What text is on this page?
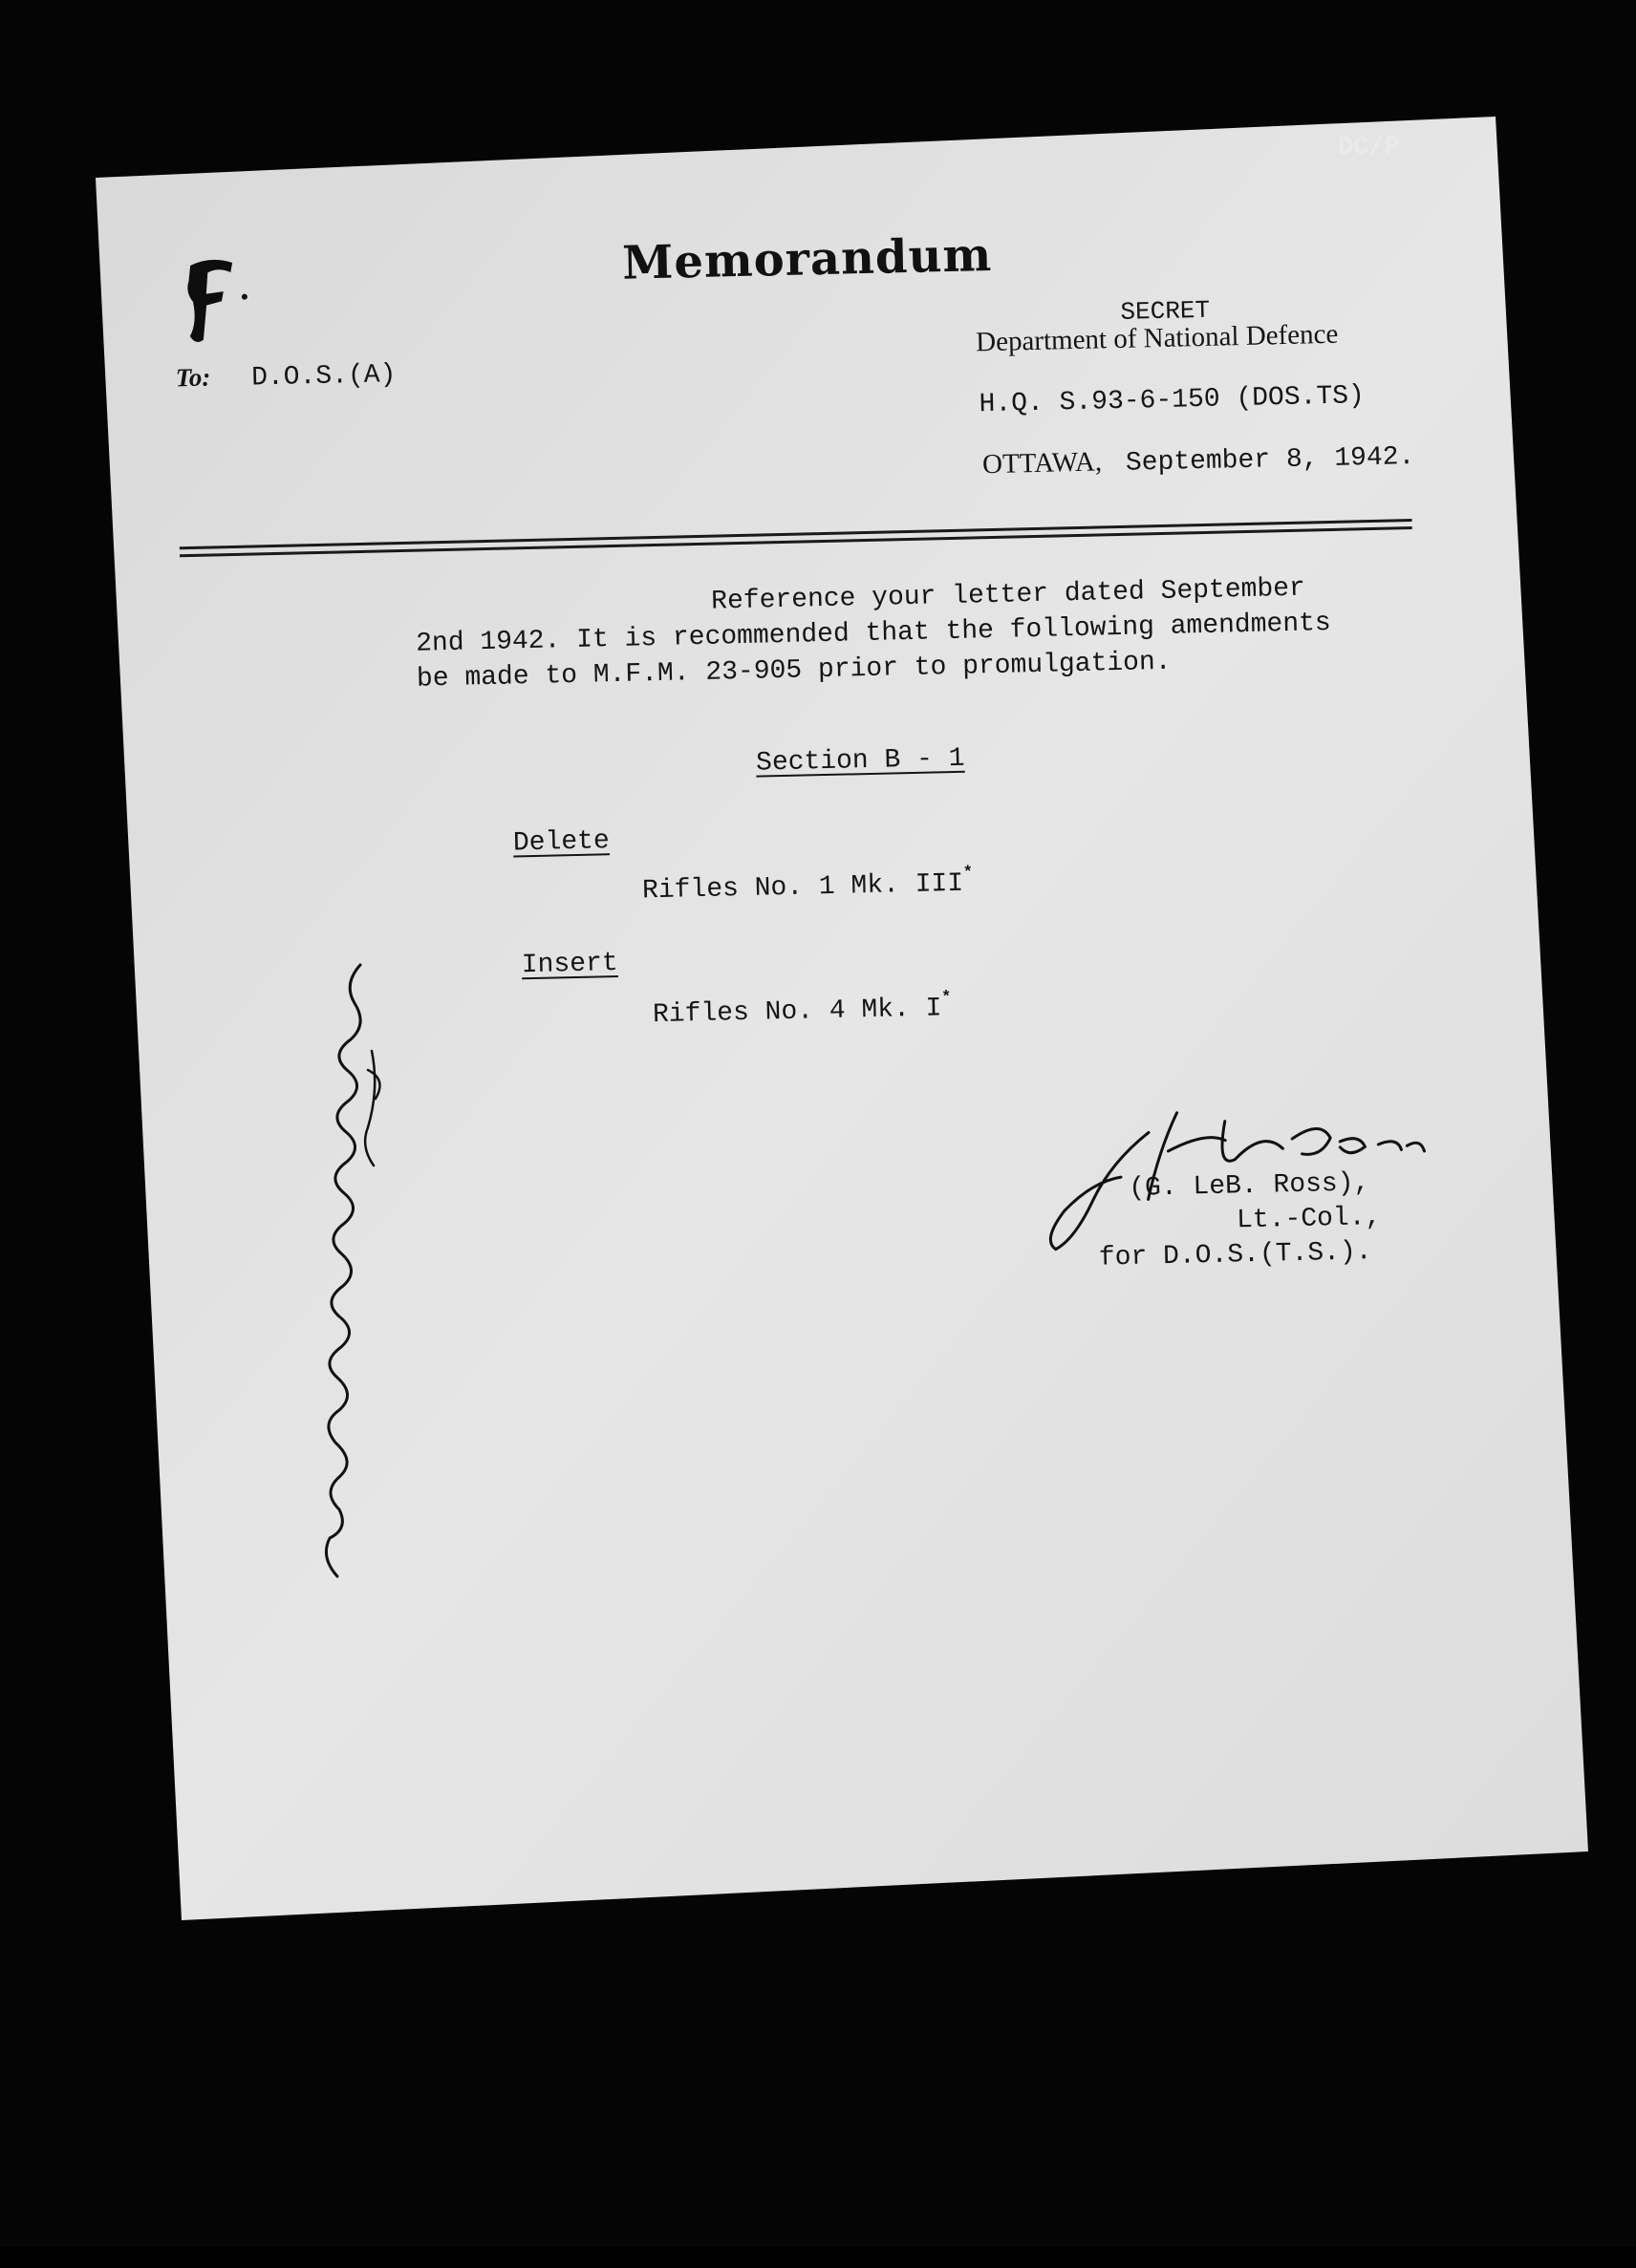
DC/P
Memorandum
To: D.O.S.(A)
SECRET
Department of National Defence
H.Q. S.93-6-150 (DOS.TS)
OTTAWA, September 8, 1942.
Reference your letter dated September
2nd 1942. It is recommended that the following amendments
be made to M.F.M. 23-905 prior to promulgation.
Section B - 1
Delete
Rifles No. 1 Mk. III*
Insert
Rifles No. 4 Mk. I*
(G. LeB. Ross),
Lt.-Col.,
for D.O.S.(T.S.).
